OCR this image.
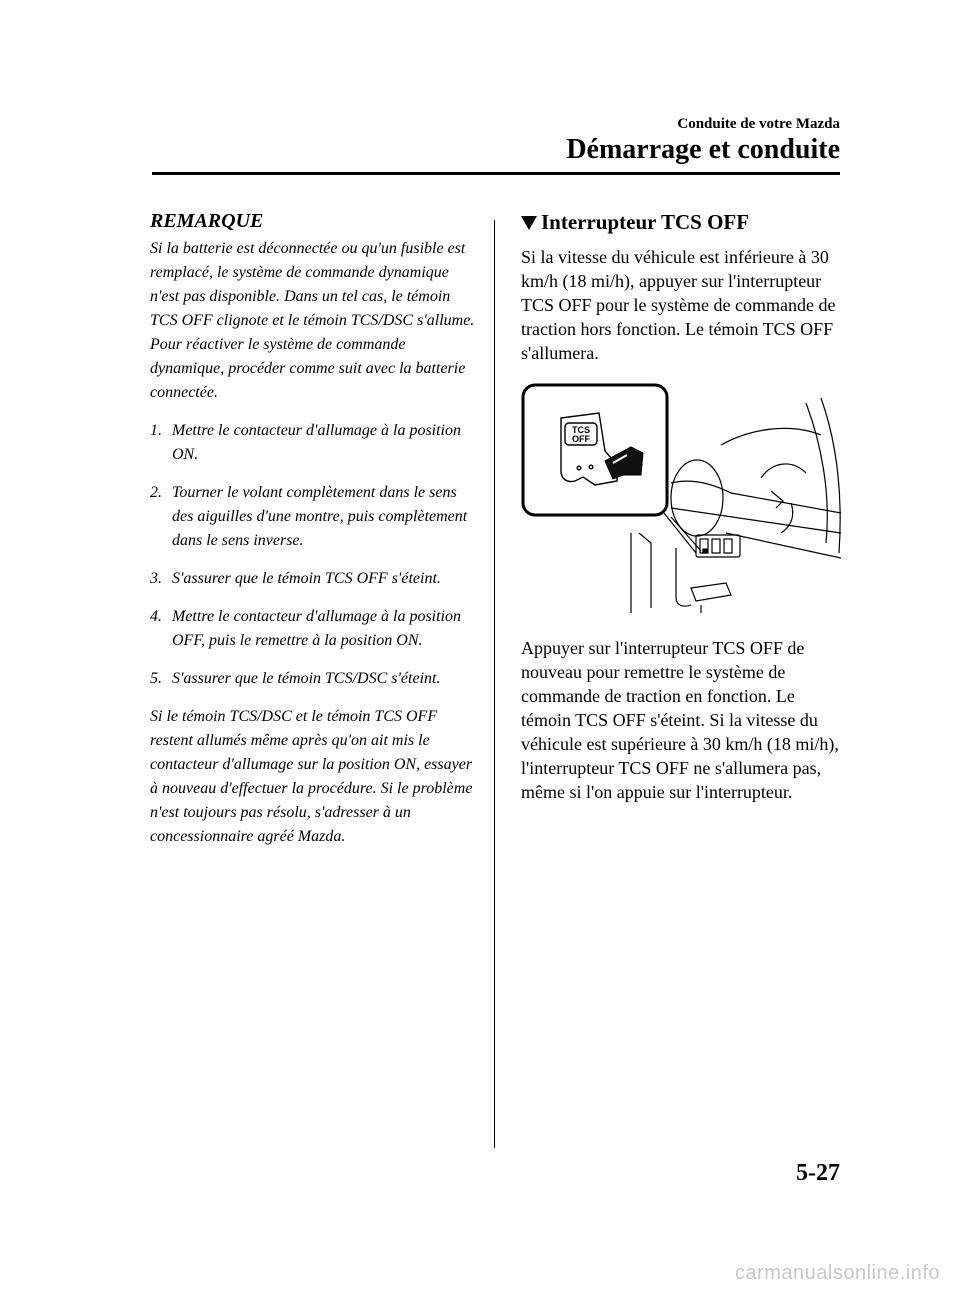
Conduite de votre Mazda
Démarrage et conduite
REMARQUE

Si la batterie est déconnectée ou qu'un fusible est remplacé, le système de commande dynamique n'est pas disponible. Dans un tel cas, le témoin TCS OFF clignote et le témoin TCS/DSC s'allume.

Pour réactiver le système de commande dynamique, procéder comme suit avec la batterie connectée.

1. Mettre le contacteur d'allumage à la position ON.
2. Tourner le volant complètement dans le sens des aiguilles d'une montre, puis complètement dans le sens inverse.
3. S'assurer que le témoin TCS OFF s'éteint.
4. Mettre le contacteur d'allumage à la position OFF, puis le remettre à la position ON.
5. S'assurer que le témoin TCS/DSC s'éteint.

Si le témoin TCS/DSC et le témoin TCS OFF restent allumés même après qu'on ait mis le contacteur d'allumage sur la position ON, essayer à nouveau d'effectuer la procédure. Si le problème n'est toujours pas résolu, s'adresser à un concessionnaire agréé Mazda.

Interrupteur TCS OFF

Si la vitesse du véhicule est inférieure à 30 km/h (18 mi/h), appuyer sur l'interrupteur TCS OFF pour le système de commande de traction hors fonction. Le témoin TCS OFF s'allumera.

TCS
OFF

Appuyer sur l'interrupteur TCS OFF de nouveau pour remettre le système de commande de traction en fonction. Le témoin TCS OFF s'éteint. Si la vitesse du véhicule est supérieure à 30 km/h (18 mi/h), l'interrupteur TCS OFF ne s'allumera pas, même si l'on appuie sur l'interrupteur.

5-27
carmanualsonline.info
